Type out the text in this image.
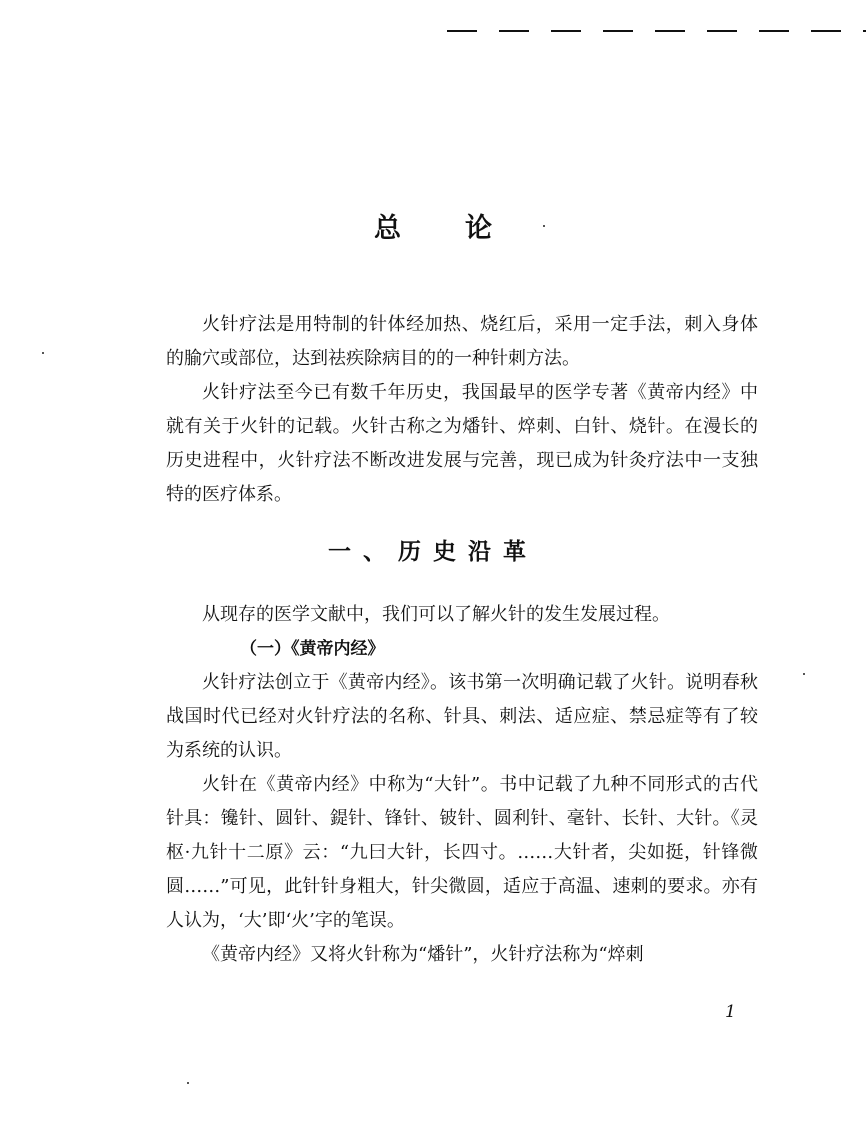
总 论

火针疗法是用特制的针体经加热、烧红后，采用一定手法，刺入身体的腧穴或部位，达到祛疾除病目的的一种针刺方法。

火针疗法至今已有数千年历史，我国最早的医学专著《黄帝内经》中就有关于火针的记载。火针古称之为燔针、焠刺、白针、烧针。在漫长的历史进程中，火针疗法不断改进发展与完善，现已成为针灸疗法中一支独特的医疗体系。

一、历史沿革

从现存的医学文献中，我们可以了解火针的发生发展过程。

（一）《黄帝内经》

火针疗法创立于《黄帝内经》。该书第一次明确记载了火针。说明春秋战国时代已经对火针疗法的名称、针具、刺法、适应症、禁忌症等有了较为系统的认识。

火针在《黄帝内经》中称为“大针”。书中记载了九种不同形式的古代针具：镵针、圆针、鍉针、锋针、铍针、圆利针、毫针、长针、大针。《灵枢·九针十二原》云：“九曰大针，长四寸。……大针者，尖如挺，针锋微圆……”可见，此针针身粗大，针尖微圆，适应于高温、速刺的要求。亦有人认为，‘大’即‘火’字的笔误。

《黄帝内经》又将火针称为“燔针”，火针疗法称为“焠刺

1
